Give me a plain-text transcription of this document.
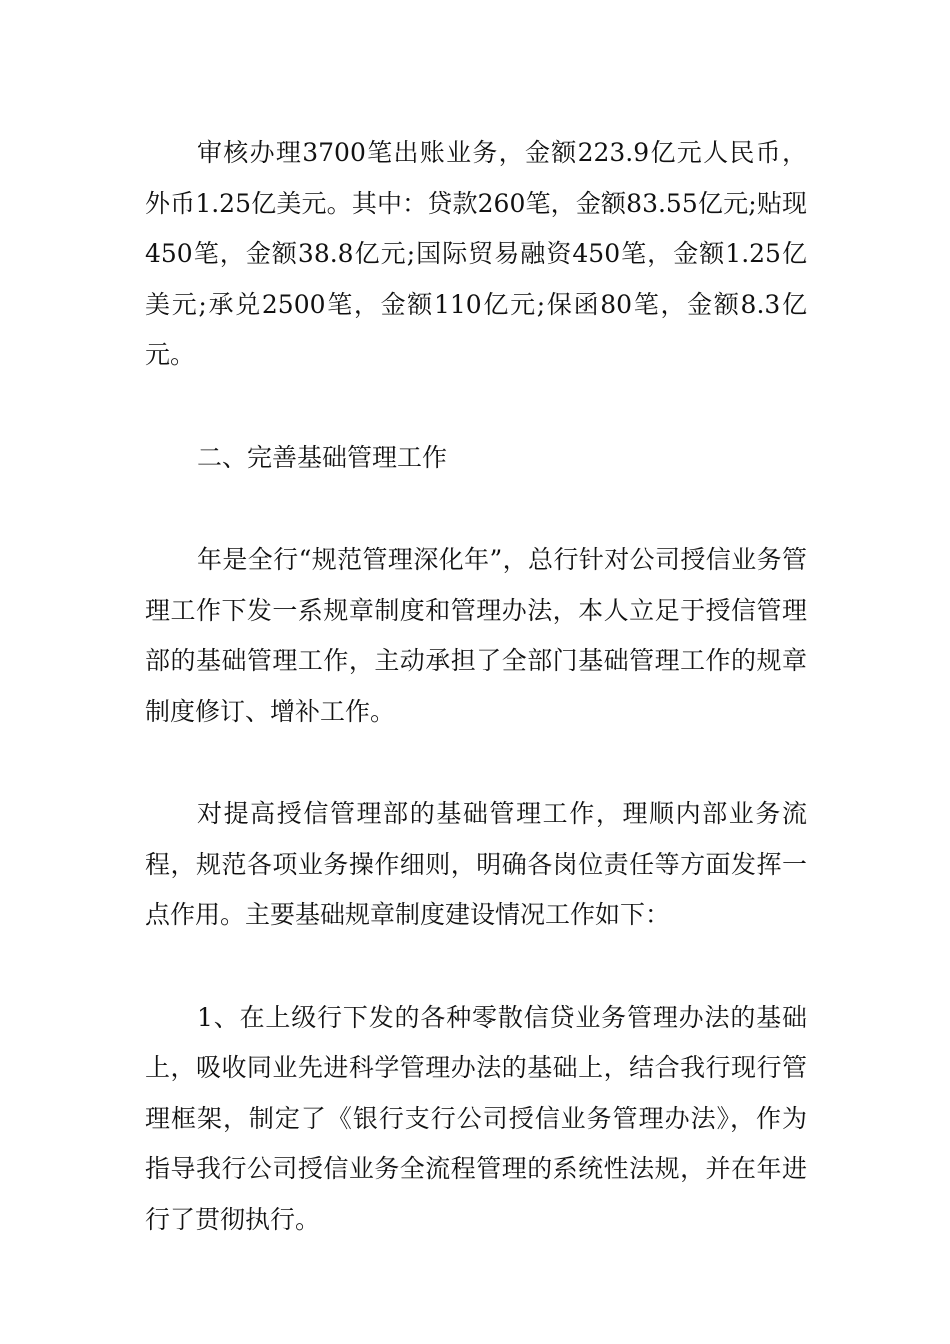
审核办理3700笔出账业务，金额223.9亿元人民币，外币1.25亿美元。其中：贷款260笔，金额83.55亿元;贴现450笔，金额38.8亿元;国际贸易融资450笔，金额1.25亿美元;承兑2500笔，金额110亿元;保函80笔，金额8.3亿元。

二、完善基础管理工作

年是全行“规范管理深化年”，总行针对公司授信业务管理工作下发一系规章制度和管理办法，本人立足于授信管理部的基础管理工作，主动承担了全部门基础管理工作的规章制度修订、增补工作。

对提高授信管理部的基础管理工作，理顺内部业务流程，规范各项业务操作细则，明确各岗位责任等方面发挥一点作用。主要基础规章制度建设情况工作如下：

1、在上级行下发的各种零散信贷业务管理办法的基础上，吸收同业先进科学管理办法的基础上，结合我行现行管理框架，制定了《银行支行公司授信业务管理办法》，作为指导我行公司授信业务全流程管理的系统性法规，并在年进行了贯彻执行。
